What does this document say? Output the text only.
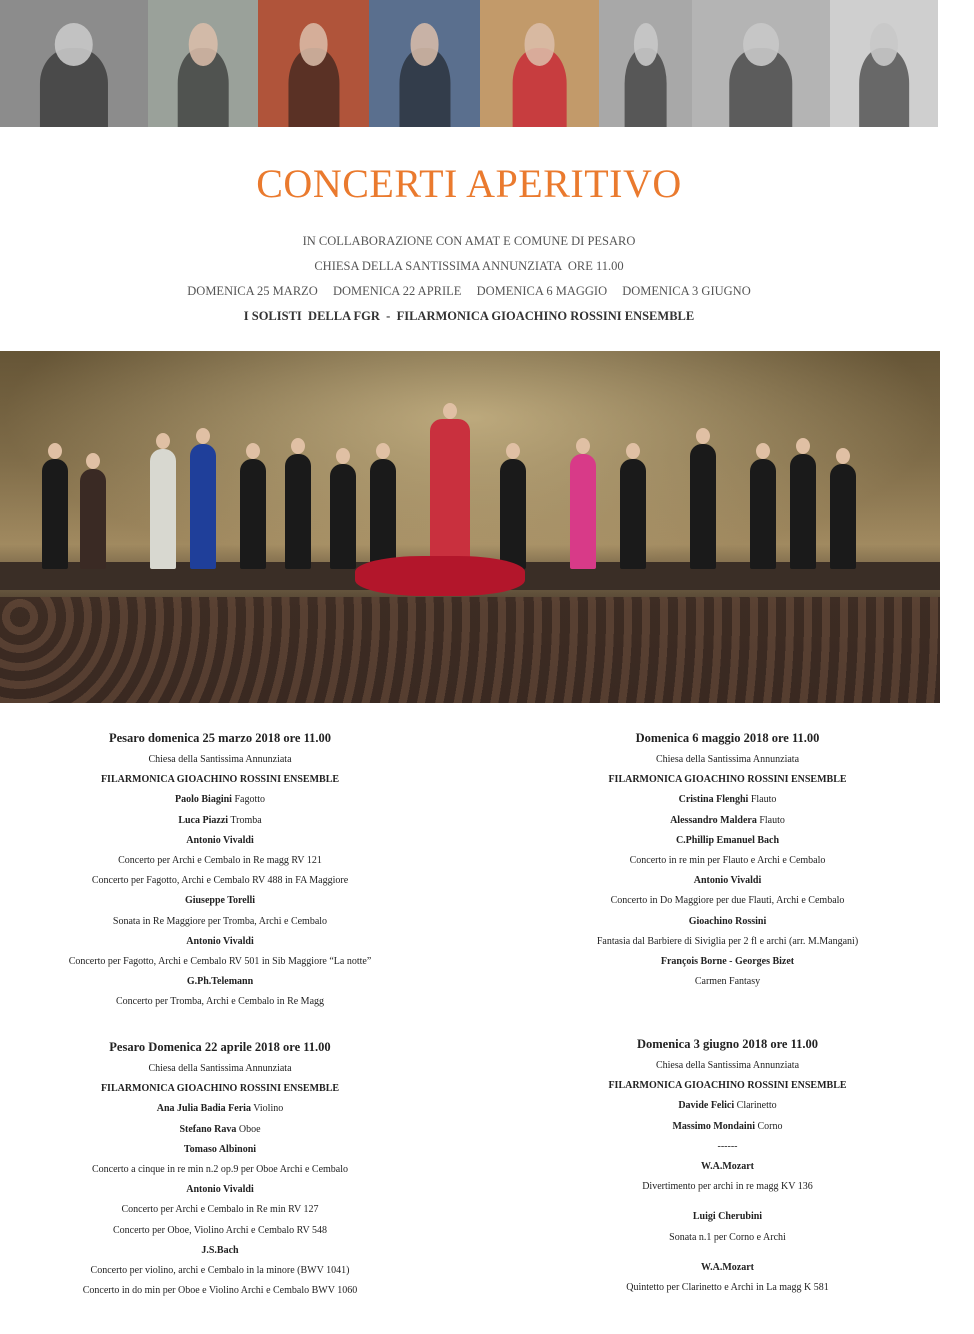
CONCERTI APERITIVO
IN COLLABORAZIONE CON AMAT E COMUNE DI PESARO
CHIESA DELLA SANTISSIMA ANNUNZIATA  ORE 11.00
DOMENICA 25 MARZO DOMENICA 22 APRILE DOMENICA 6 MAGGIO DOMENICA 3 GIUGNO
I SOLISTI  DELLA FGR  -  FILARMONICA GIOACHINO ROSSINI ENSEMBLE
Pesaro domenica 25 marzo 2018 ore 11.00
Chiesa della Santissima Annunziata
FILARMONICA GIOACHINO ROSSINI ENSEMBLE
Paolo Biagini Fagotto
Luca Piazzi Tromba
Antonio Vivaldi
Concerto per Archi e Cembalo in Re magg RV 121
Concerto per Fagotto, Archi e Cembalo RV 488 in FA Maggiore
Giuseppe Torelli
Sonata in Re Maggiore per Tromba, Archi e Cembalo
Antonio Vivaldi
Concerto per Fagotto, Archi e Cembalo RV 501 in Sib Maggiore “La notte”
G.Ph.Telemann
Concerto per Tromba, Archi e Cembalo in Re Magg
Pesaro Domenica 22 aprile 2018 ore 11.00
Chiesa della Santissima Annunziata
FILARMONICA GIOACHINO ROSSINI ENSEMBLE
Ana Julia Badia Feria Violino
Stefano Rava Oboe
Tomaso Albinoni
Concerto a cinque in re min n.2 op.9 per Oboe Archi e Cembalo
Antonio Vivaldi
Concerto per Archi e Cembalo in Re min RV 127
Concerto per Oboe, Violino Archi e Cembalo RV 548
J.S.Bach
Concerto per violino, archi e Cembalo in la minore (BWV 1041)
Concerto in do min per Oboe e Violino Archi e Cembalo BWV 1060
Domenica 6 maggio 2018 ore 11.00
Chiesa della Santissima Annunziata
FILARMONICA GIOACHINO ROSSINI ENSEMBLE
Cristina Flenghi Flauto
Alessandro Maldera Flauto
C.Phillip Emanuel Bach
Concerto in re min per Flauto e Archi e Cembalo
Antonio Vivaldi
Concerto in Do Maggiore per due Flauti, Archi e Cembalo
Gioachino Rossini
Fantasia dal Barbiere di Siviglia per 2 fl e archi (arr. M.Mangani)
François Borne - Georges Bizet
Carmen Fantasy
Domenica 3 giugno 2018 ore 11.00
Chiesa della Santissima Annunziata
FILARMONICA GIOACHINO ROSSINI ENSEMBLE
Davide Felici Clarinetto
Massimo Mondaini Corno
------
W.A.Mozart
Divertimento per archi in re magg KV 136
Luigi Cherubini
Sonata n.1 per Corno e Archi
W.A.Mozart
Quintetto per Clarinetto e Archi in La magg K 581
